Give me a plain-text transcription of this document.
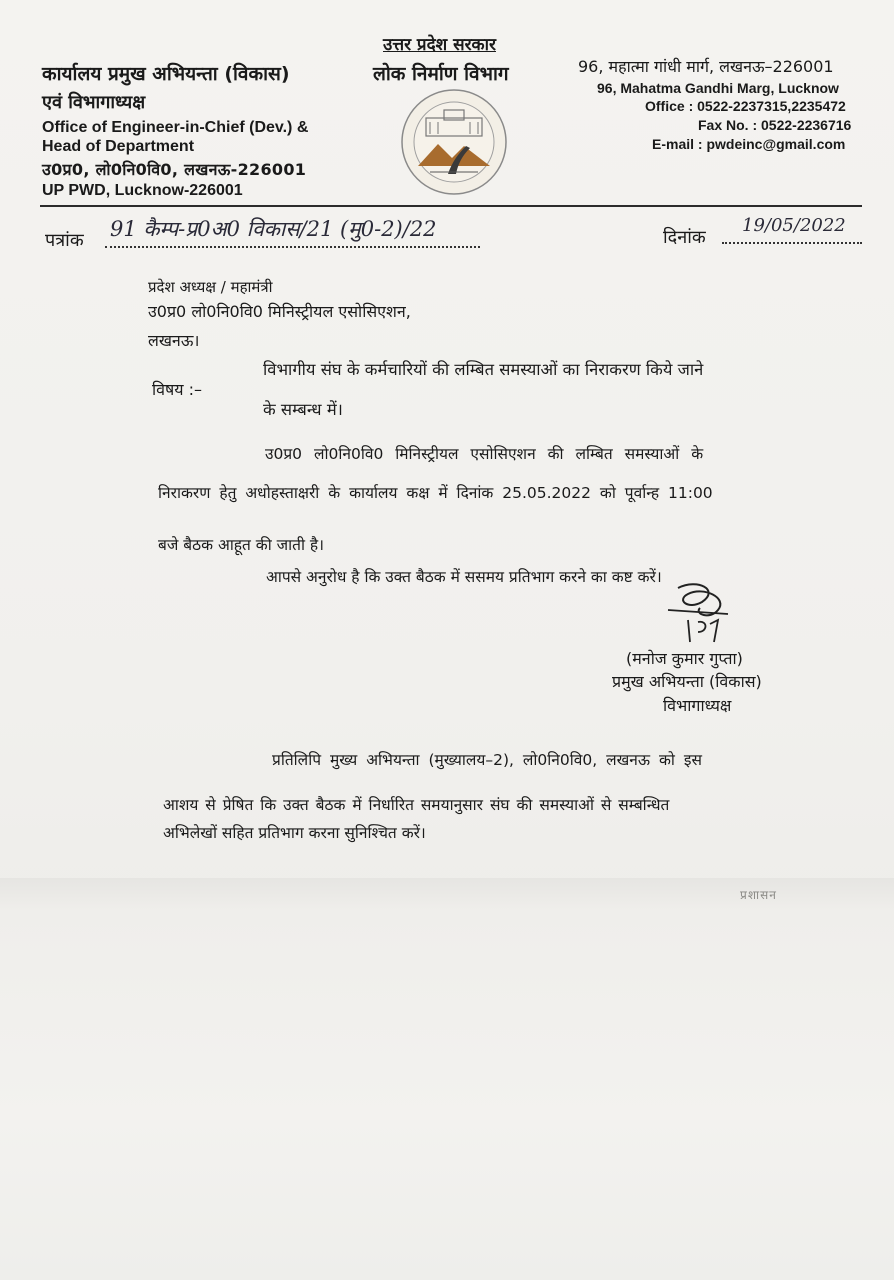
कार्यालय प्रमुख अभियन्ता (विकास)
एवं विभागाध्यक्ष
Office of Engineer-in-Chief (Dev.) &
Head of Department
उ0प्र0, लो0नि0वि0, लखनऊ-226001
UP PWD, Lucknow-226001
उत्तर प्रदेश सरकार
लोक निर्माण विभाग	96, महात्मा गांधी मार्ग, लखनऊ–226001
96, Mahatma Gandhi Marg, Lucknow
Office : 0522-2237315,2235472
Fax No. : 0522-2236716
E-mail : pwdeinc@gmail.com
पत्रांक 91 कैम्प-प्र0अ0 विकास/21 (मु0-2)/22	दिनांक
19/05/2022
प्रदेश अध्यक्ष / महामंत्री
उ0प्र0 लो0नि0वि0 मिनिस्ट्रीयल एसोसिएशन,
लखनऊ।
विषय :–
विभागीय संघ के कर्मचारियों की लम्बित समस्याओं का निराकरण किये जाने
के सम्बन्ध में।
उ0प्र0 लो0नि0वि0 मिनिस्ट्रीयल एसोसिएशन की लम्बित समस्याओं के
निराकरण हेतु अधोहस्ताक्षरी के कार्यालय कक्ष में दिनांक 25.05.2022 को पूर्वान्ह 11:00
बजे बैठक आहूत की जाती है।
आपसे अनुरोध है कि उक्त बैठक में ससमय प्रतिभाग करने का कष्ट करें।
(मनोज कुमार गुप्ता)
प्रमुख अभियन्ता (विकास)
विभागाध्यक्ष
प्रतिलिपि मुख्य अभियन्ता (मुख्यालय–2), लो0नि0वि0, लखनऊ को इस
आशय से प्रेषित कि उक्त बैठक में निर्धारित समयानुसार संघ की समस्याओं से सम्बन्धित
अभिलेखों सहित प्रतिभाग करना सुनिश्चित करें।
प्रशासन
